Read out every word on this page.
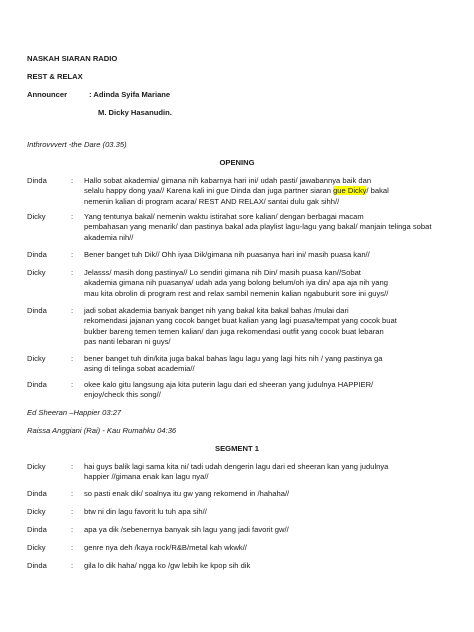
NASKAH SIARAN RADIO
REST & RELAX
Announcer	: Adinda Syifa Mariane
M. Dicky Hasanudin.
Inthrovvvert -the Dare (03.35)
OPENING
Dinda	: Hallo sobat akademia/ gimana nih kabarnya hari ini/ udah pasti/ jawabannya baik dan
selalu happy dong yaa// Karena kali ini gue Dinda dan juga partner siaran gue Dicky/ bakal
nemenin kalian di program acara/ REST AND RELAX/ santai dulu gak sihh//
Dicky	: Yang tentunya bakal/ nemenin waktu istirahat sore kalian/ dengan berbagai macam
pembahasan yang menarik/ dan pastinya bakal ada playlist lagu-lagu yang bakal/ manjain telinga sobat
akademia nih//
Dinda	: Bener banget tuh Dik// Ohh iyaa Dik/gimana nih puasanya hari ini/ masih puasa kan//
Dicky	: Jelasss/ masih dong pastinya// Lo sendiri gimana nih Din/ masih puasa kan//Sobat
akademia gimana nih puasanya/ udah ada yang bolong belum/oh iya din/ apa aja nih yang
mau kita obrolin di program rest and relax sambil nemenin kalian ngabuburit sore ini guys//
Dinda	: jadi sobat akademia banyak banget nih yang bakal kita bakal bahas /mulai dari
rekomendasi jajanan yang cocok banget buat kalian yang lagi puasa/tempat yang cocok buat
bukber bareng temen temen kalian/ dan juga rekomendasi outfit yang cocok buat lebaran
pas nanti lebaran ni guys/
Dicky	: bener banget tuh din/kita juga bakal bahas lagu lagu yang lagi hits nih / yang pastinya ga
asing di telinga sobat academia//
Dinda	: okee kalo gitu langsung aja kita puterin lagu dari ed sheeran yang judulnya HAPPIER/
enjoy/check this song//
Ed Sheeran –Happier 03:27
Raissa Anggiani (Rai) - Kau Rumahku 04:36
SEGMENT 1
Dicky	: hai guys balik lagi sama kita ni/ tadi udah dengerin lagu dari ed sheeran kan yang judulnya
happier //gimana enak kan lagu nya//
Dinda	: so pasti enak dik/ soalnya itu gw yang rekomend in /hahaha//
Dicky	: btw ni din lagu favorit lu tuh apa sih//
Dinda	: apa ya dik /sebenernya banyak sih lagu yang jadi favorit gw//
Dicky	: genre nya deh /kaya rock/R&B/metal kah wkwk//
Dinda	: gila lo dik haha/ ngga ko /gw lebih ke kpop sih dik
